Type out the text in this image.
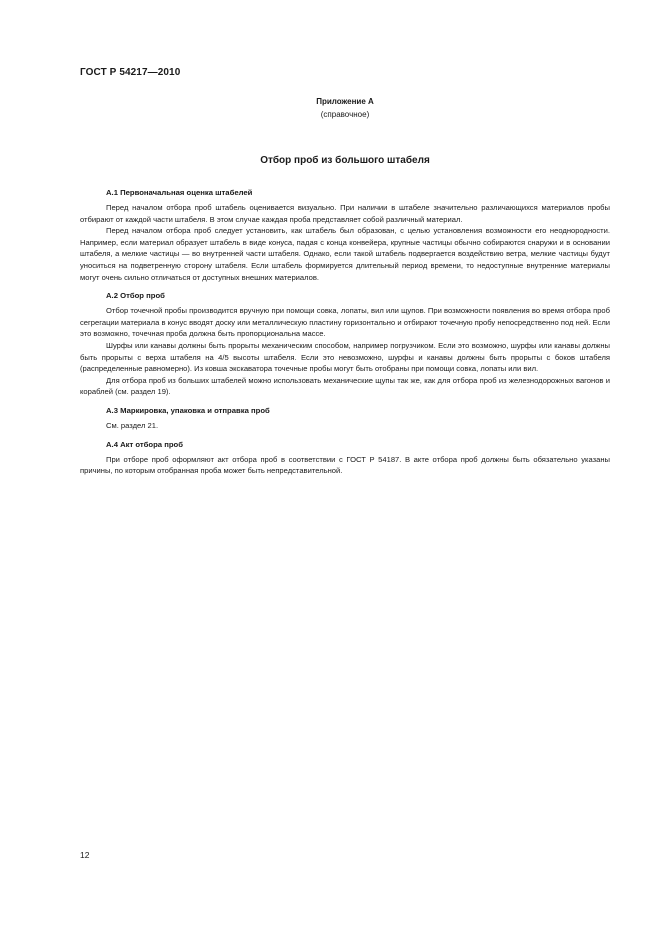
ГОСТ Р 54217—2010
Приложение А
(справочное)
Отбор проб из большого штабеля
А.1 Первоначальная оценка штабелей

Перед началом отбора проб штабель оценивается визуально. При наличии в штабеле значительно различающихся материалов пробы отбирают от каждой части штабеля. В этом случае каждая проба представляет собой различный материал.

Перед началом отбора проб следует установить, как штабель был образован, с целью установления возможности его неоднородности. Например, если материал образует штабель в виде конуса, падая с конца конвейера, крупные частицы обычно собираются снаружи и в основании штабеля, а мелкие частицы — во внутренней части штабеля. Однако, если такой штабель подвергается воздействию ветра, мелкие частицы будут уноситься на подветренную сторону штабеля. Если штабель формируется длительный период времени, то недоступные внутренние материалы могут очень сильно отличаться от доступных внешних материалов.

А.2 Отбор проб

Отбор точечной пробы производится вручную при помощи совка, лопаты, вил или щупов. При возможности появления во время отбора проб сегрегации материала в конус вводят доску или металлическую пластину горизонтально и отбирают точечную пробу непосредственно под ней. Если это возможно, точечная проба должна быть пропорциональна массе.

Шурфы или канавы должны быть прорыты механическим способом, например погрузчиком. Если это возможно, шурфы или канавы должны быть прорыты с верха штабеля на 4/5 высоты штабеля. Если это невозможно, шурфы и канавы должны быть прорыты с боков штабеля (распределенные равномерно). Из ковша экскаватора точечные пробы могут быть отобраны при помощи совка, лопаты или вил.

Для отбора проб из больших штабелей можно использовать механические щупы так же, как для отбора проб из железнодорожных вагонов и кораблей (см. раздел 19).

А.3 Маркировка, упаковка и отправка проб

См. раздел 21.

А.4 Акт отбора проб

При отборе проб оформляют акт отбора проб в соответствии с ГОСТ Р 54187. В акте отбора проб должны быть обязательно указаны причины, по которым отобранная проба может быть непредставительной.

12
